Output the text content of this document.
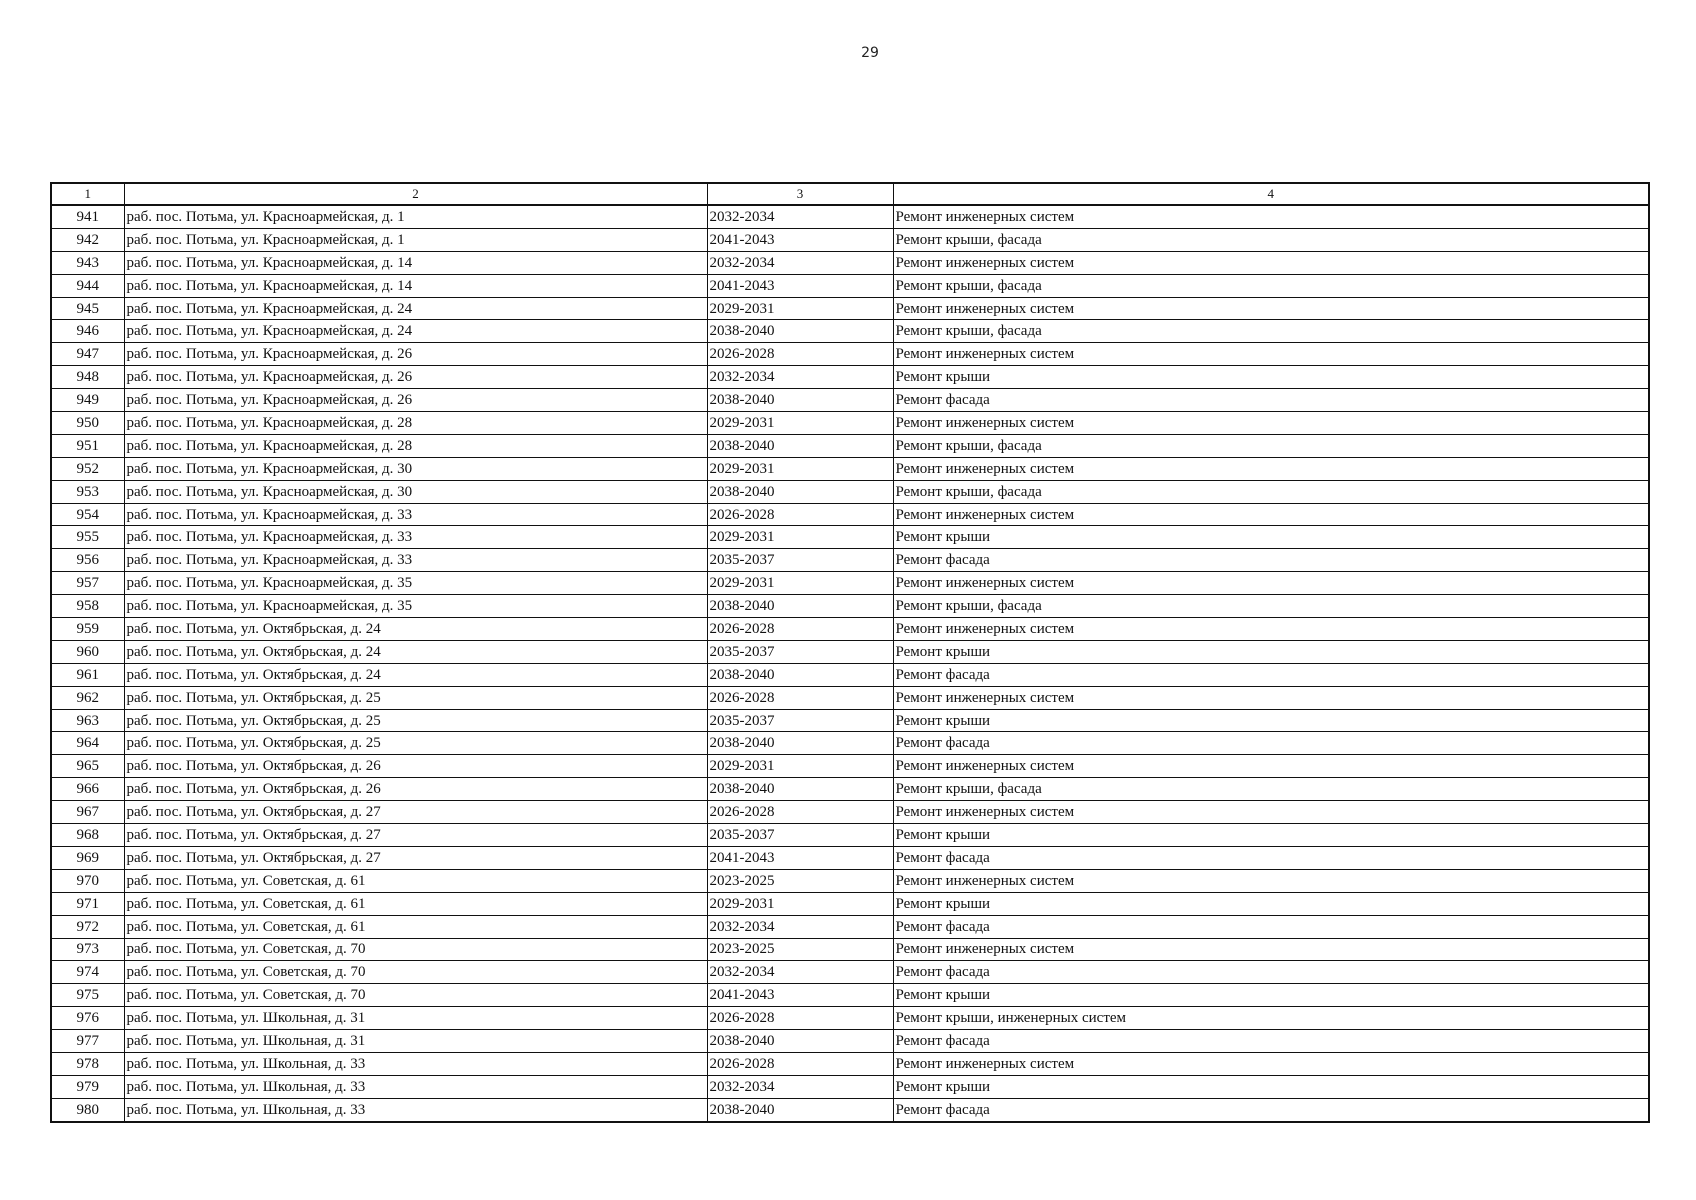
29
1	2	3	4
941	раб. пос. Потьма, ул. Красноармейская, д. 1	2032-2034	Ремонт инженерных систем
942	раб. пос. Потьма, ул. Красноармейская, д. 1	2041-2043	Ремонт крыши, фасада
943	раб. пос. Потьма, ул. Красноармейская, д. 14	2032-2034	Ремонт инженерных систем
944	раб. пос. Потьма, ул. Красноармейская, д. 14	2041-2043	Ремонт крыши, фасада
945	раб. пос. Потьма, ул. Красноармейская, д. 24	2029-2031	Ремонт инженерных систем
946	раб. пос. Потьма, ул. Красноармейская, д. 24	2038-2040	Ремонт крыши, фасада
947	раб. пос. Потьма, ул. Красноармейская, д. 26	2026-2028	Ремонт инженерных систем
948	раб. пос. Потьма, ул. Красноармейская, д. 26	2032-2034	Ремонт крыши
949	раб. пос. Потьма, ул. Красноармейская, д. 26	2038-2040	Ремонт фасада
950	раб. пос. Потьма, ул. Красноармейская, д. 28	2029-2031	Ремонт инженерных систем
951	раб. пос. Потьма, ул. Красноармейская, д. 28	2038-2040	Ремонт крыши, фасада
952	раб. пос. Потьма, ул. Красноармейская, д. 30	2029-2031	Ремонт инженерных систем
953	раб. пос. Потьма, ул. Красноармейская, д. 30	2038-2040	Ремонт крыши, фасада
954	раб. пос. Потьма, ул. Красноармейская, д. 33	2026-2028	Ремонт инженерных систем
955	раб. пос. Потьма, ул. Красноармейская, д. 33	2029-2031	Ремонт крыши
956	раб. пос. Потьма, ул. Красноармейская, д. 33	2035-2037	Ремонт фасада
957	раб. пос. Потьма, ул. Красноармейская, д. 35	2029-2031	Ремонт инженерных систем
958	раб. пос. Потьма, ул. Красноармейская, д. 35	2038-2040	Ремонт крыши, фасада
959	раб. пос. Потьма, ул. Октябрьская, д. 24	2026-2028	Ремонт инженерных систем
960	раб. пос. Потьма, ул. Октябрьская, д. 24	2035-2037	Ремонт крыши
961	раб. пос. Потьма, ул. Октябрьская, д. 24	2038-2040	Ремонт фасада
962	раб. пос. Потьма, ул. Октябрьская, д. 25	2026-2028	Ремонт инженерных систем
963	раб. пос. Потьма, ул. Октябрьская, д. 25	2035-2037	Ремонт крыши
964	раб. пос. Потьма, ул. Октябрьская, д. 25	2038-2040	Ремонт фасада
965	раб. пос. Потьма, ул. Октябрьская, д. 26	2029-2031	Ремонт инженерных систем
966	раб. пос. Потьма, ул. Октябрьская, д. 26	2038-2040	Ремонт крыши, фасада
967	раб. пос. Потьма, ул. Октябрьская, д. 27	2026-2028	Ремонт инженерных систем
968	раб. пос. Потьма, ул. Октябрьская, д. 27	2035-2037	Ремонт крыши
969	раб. пос. Потьма, ул. Октябрьская, д. 27	2041-2043	Ремонт фасада
970	раб. пос. Потьма, ул. Советская, д. 61	2023-2025	Ремонт инженерных систем
971	раб. пос. Потьма, ул. Советская, д. 61	2029-2031	Ремонт крыши
972	раб. пос. Потьма, ул. Советская, д. 61	2032-2034	Ремонт фасада
973	раб. пос. Потьма, ул. Советская, д. 70	2023-2025	Ремонт инженерных систем
974	раб. пос. Потьма, ул. Советская, д. 70	2032-2034	Ремонт фасада
975	раб. пос. Потьма, ул. Советская, д. 70	2041-2043	Ремонт крыши
976	раб. пос. Потьма, ул. Школьная, д. 31	2026-2028	Ремонт крыши, инженерных систем
977	раб. пос. Потьма, ул. Школьная, д. 31	2038-2040	Ремонт фасада
978	раб. пос. Потьма, ул. Школьная, д. 33	2026-2028	Ремонт инженерных систем
979	раб. пос. Потьма, ул. Школьная, д. 33	2032-2034	Ремонт крыши
980	раб. пос. Потьма, ул. Школьная, д. 33	2038-2040	Ремонт фасада
